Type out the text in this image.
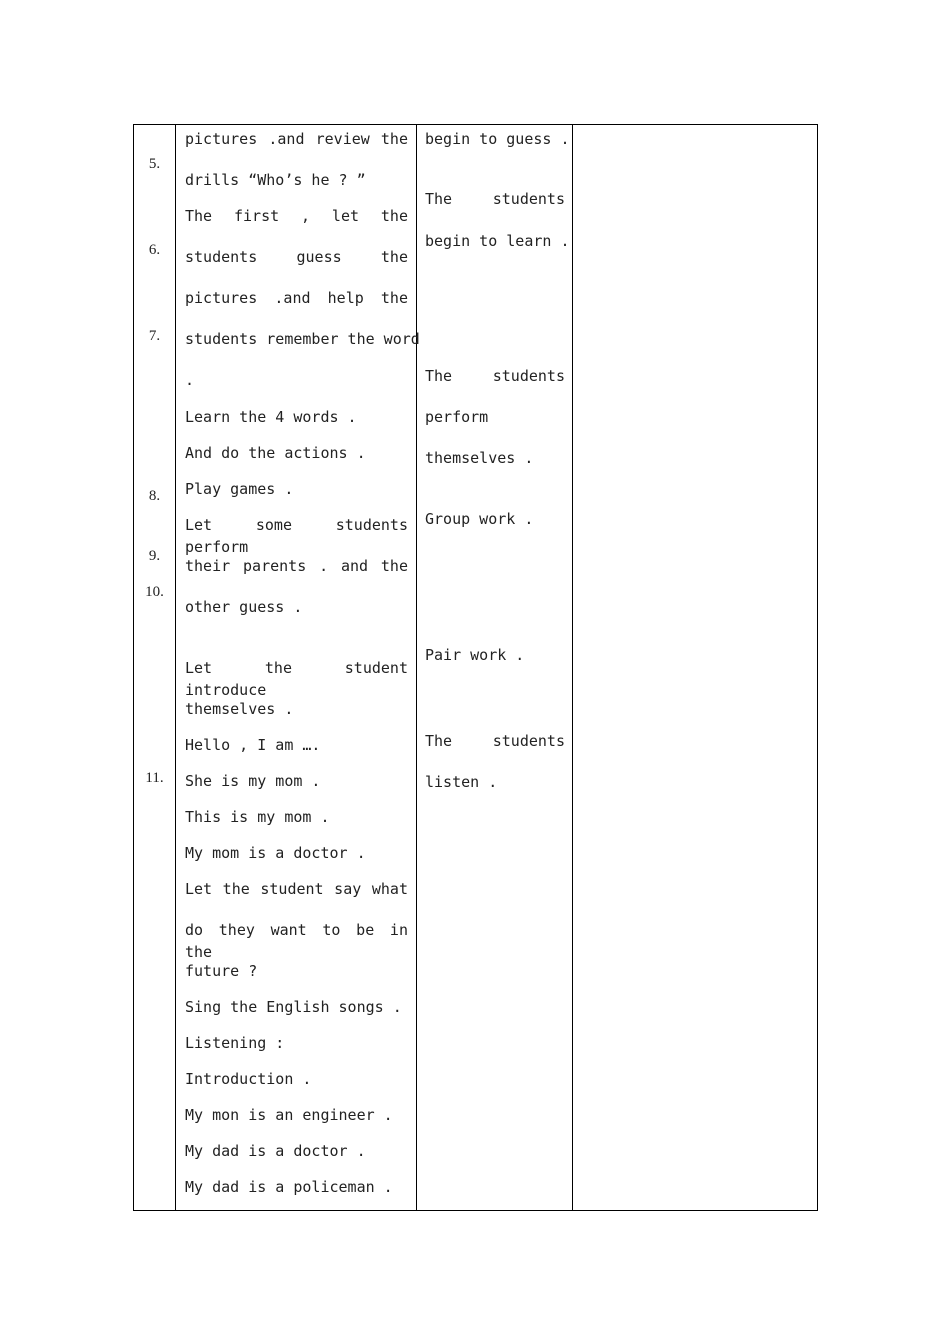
5.
6.
7.
8.
9.
10.
11.
pictures .and review the
drills “Who’s he ? ”
The first , let the
students guess the
pictures .and help the
students remember the word
.
Learn the 4 words .
And do the actions .
Play games .
Let some students perform
their parents . and the
other guess .
Let the student introduce
themselves .
Hello , I am ….
She is my mom .
This is my mom .
My mom is a doctor .
Let the student say what
do they want to be in the
future ?
Sing the English songs .
Listening :
Introduction .
My mon is an engineer .
My dad is a doctor .
My dad is a policeman .
begin to guess .
The students
begin to learn .
The students
perform
themselves .
Group work .
Pair work .
The students
listen .
